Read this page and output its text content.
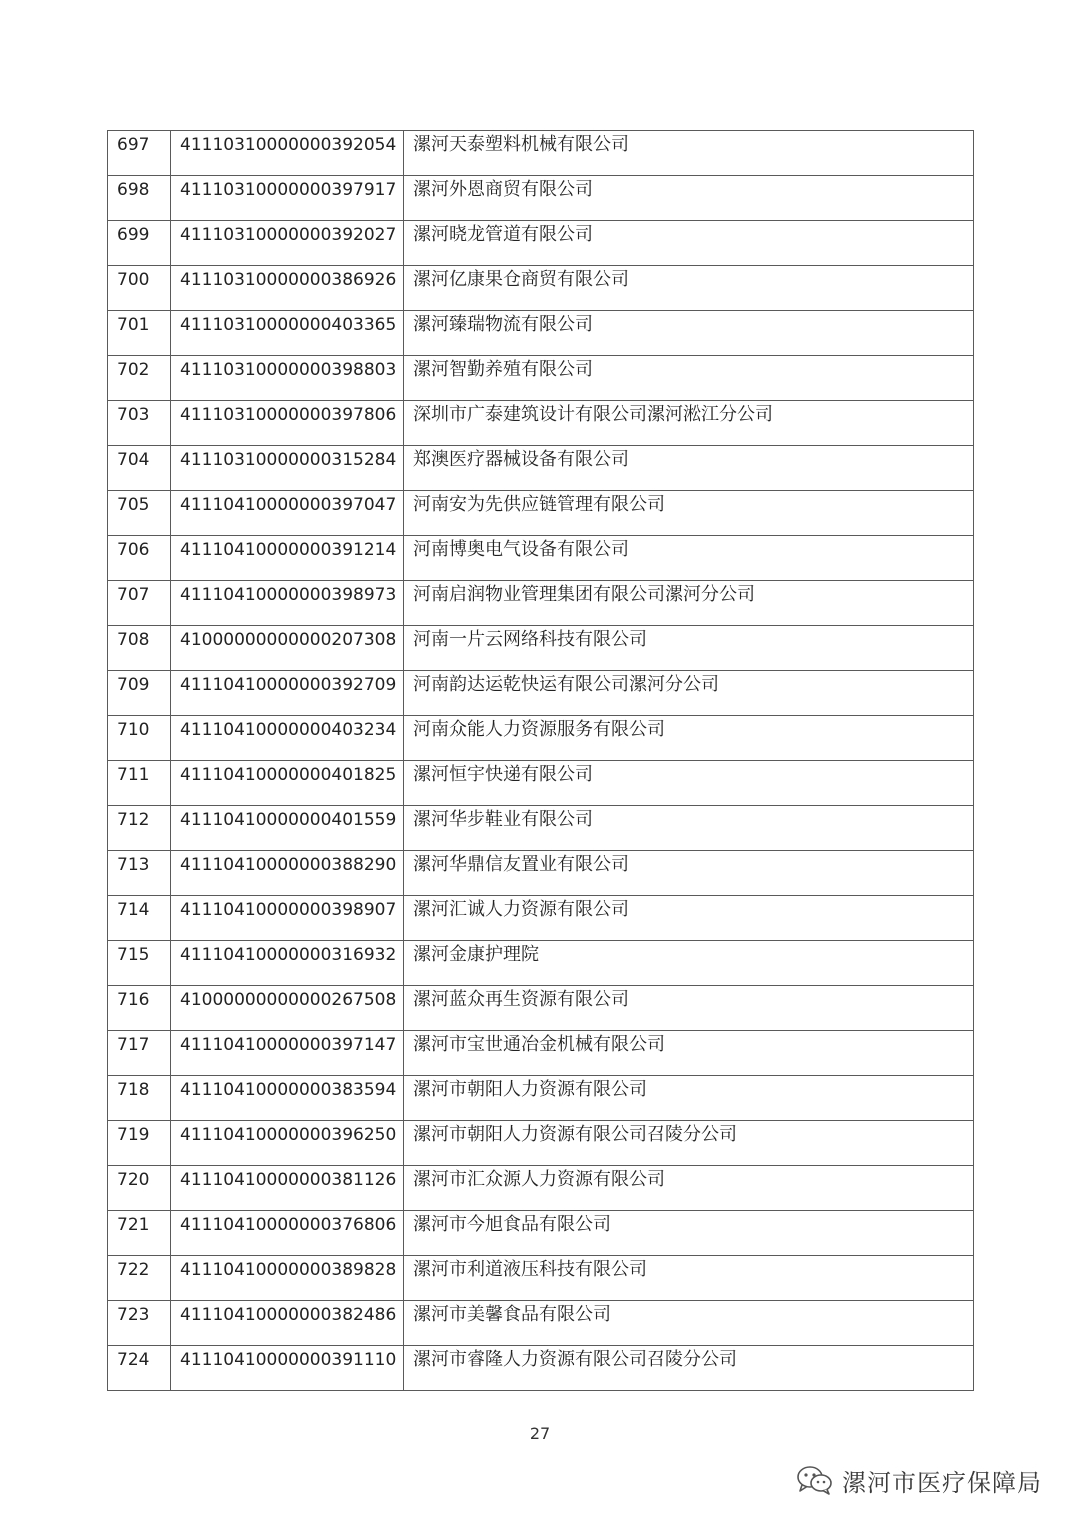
697	41110310000000392054	漯河天泰塑料机械有限公司
698	41110310000000397917	漯河外恩商贸有限公司
699	41110310000000392027	漯河晓龙管道有限公司
700	41110310000000386926	漯河亿康果仓商贸有限公司
701	41110310000000403365	漯河臻瑞物流有限公司
702	41110310000000398803	漯河智勤养殖有限公司
703	41110310000000397806	深圳市广泰建筑设计有限公司漯河淞江分公司
704	41110310000000315284	郑澳医疗器械设备有限公司
705	41110410000000397047	河南安为先供应链管理有限公司
706	41110410000000391214	河南博奥电气设备有限公司
707	41110410000000398973	河南启润物业管理集团有限公司漯河分公司
708	41000000000000207308	河南一片云网络科技有限公司
709	41110410000000392709	河南韵达运乾快运有限公司漯河分公司
710	41110410000000403234	河南众能人力资源服务有限公司
711	41110410000000401825	漯河恒宇快递有限公司
712	41110410000000401559	漯河华步鞋业有限公司
713	41110410000000388290	漯河华鼎信友置业有限公司
714	41110410000000398907	漯河汇诚人力资源有限公司
715	41110410000000316932	漯河金康护理院
716	41000000000000267508	漯河蓝众再生资源有限公司
717	41110410000000397147	漯河市宝世通冶金机械有限公司
718	41110410000000383594	漯河市朝阳人力资源有限公司
719	41110410000000396250	漯河市朝阳人力资源有限公司召陵分公司
720	41110410000000381126	漯河市汇众源人力资源有限公司
721	41110410000000376806	漯河市今旭食品有限公司
722	41110410000000389828	漯河市利道液压科技有限公司
723	41110410000000382486	漯河市美馨食品有限公司
724	41110410000000391110	漯河市睿隆人力资源有限公司召陵分公司
27
漯河市医疗保障局
